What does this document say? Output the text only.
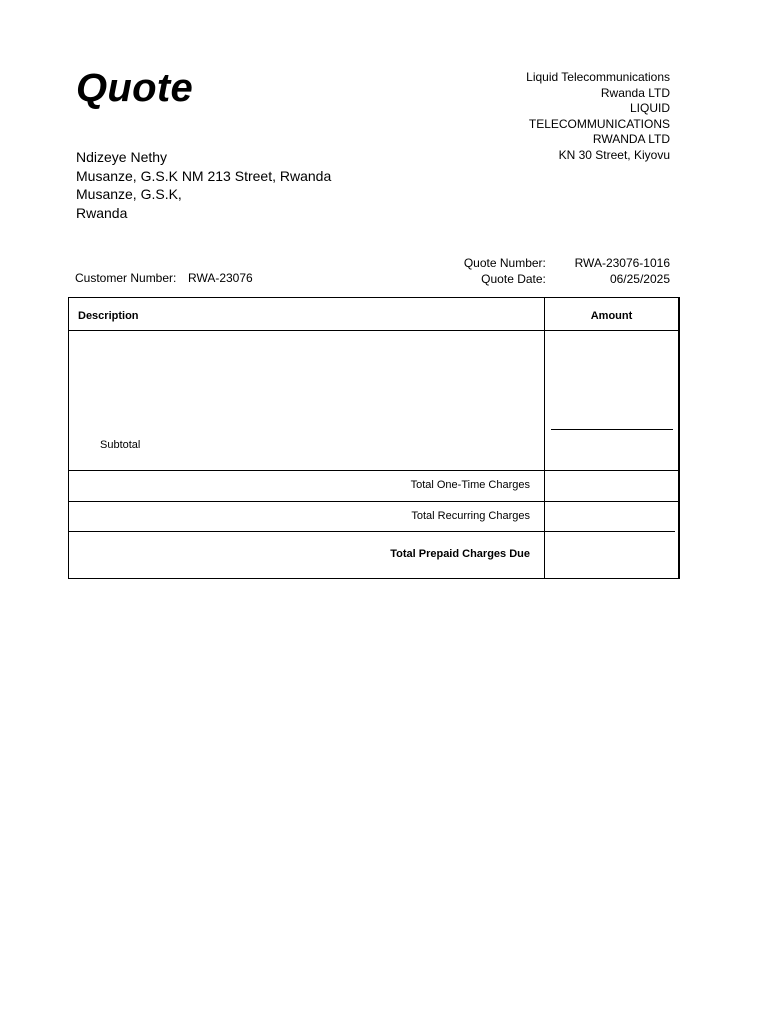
Quote	Liquid Telecommunications
Rwanda LTD
LIQUID
TELECOMMUNICATIONS
RWANDA LTD
KN 30 Street, Kiyovu
Ndizeye Nethy
Musanze, G.S.K NM 213 Street, Rwanda
Musanze, G.S.K,
Rwanda
Customer Number: RWA-23076
Quote Number:	RWA-23076-1016
Quote Date:	06/25/2025
Description	Amount
Subtotal
Total One-Time Charges
Total Recurring Charges
Total Prepaid Charges Due
